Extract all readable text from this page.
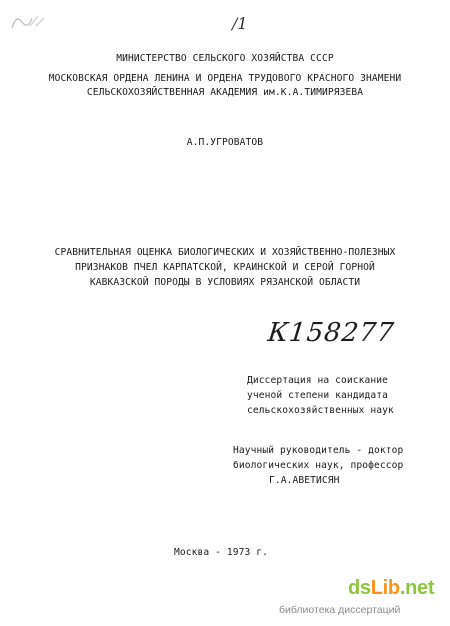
/1
МИНИСТЕРСТВО СЕЛЬСКОГО ХОЗЯЙСТВА СССР
МОСКОВСКАЯ ОРДЕНА ЛЕНИНА И ОРДЕНА ТРУДОВОГО КРАСНОГО ЗНАМЕНИ
СЕЛЬСКОХОЗЯЙСТВЕННАЯ АКАДЕМИЯ им.К.А.ТИМИРЯЗЕВА
А.П.УГРОВАТОВ
СРАВНИТЕЛЬНАЯ ОЦЕНКА БИОЛОГИЧЕСКИХ И ХОЗЯЙСТВЕННО-ПОЛЕЗНЫХ
ПРИЗНАКОВ ПЧЕЛ КАРПАТСКОЙ, КРАИНСКОЙ И СЕРОЙ ГОРНОЙ
КАВКАЗСКОЙ ПОРОДЫ В УСЛОВИЯХ РЯЗАНСКОЙ ОБЛАСТИ
К158277
Диссертация на соискание
ученой степени кандидата
сельскохозяйственных наук
Научный руководитель - доктор
биологических наук, профессор
Г.А.АВЕТИСЯН
Москва - 1973 г.
dsLib.net
библиотека диссертаций
